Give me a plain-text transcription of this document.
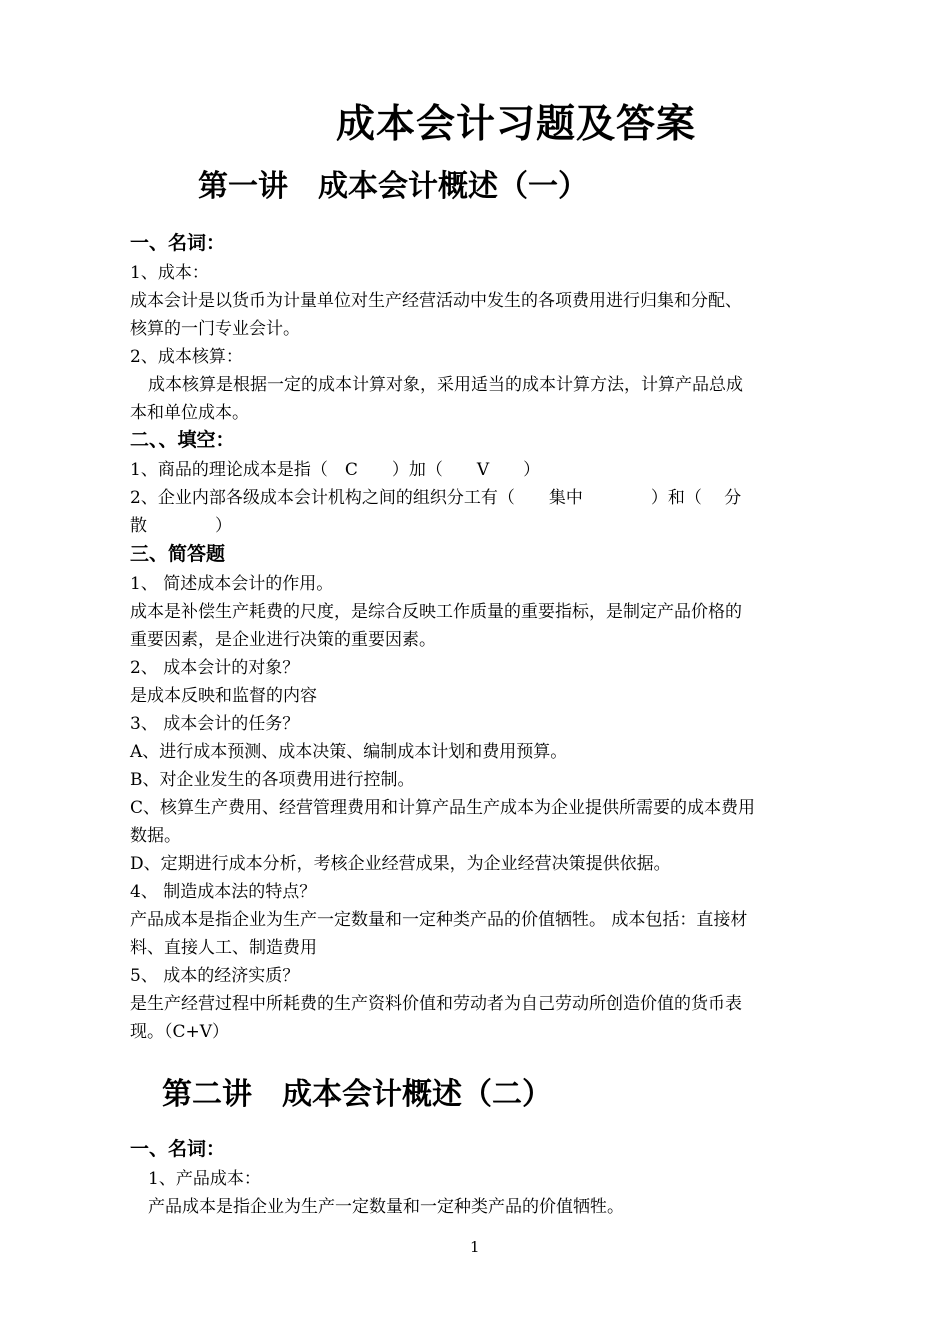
成本会计习题及答案
第一讲　成本会计概述（一）
一、名词：

1、成本：

成本会计是以货币为计量单位对生产经营活动中发生的各项费用进行归集和分配、

核算的一门专业会计。

2、成本核算：

成本核算是根据一定的成本计算对象，采用适当的成本计算方法，计算产品总成

本和单位成本。

二、、填空：

1、商品的理论成本是指（　C　　）加（　　V　　）

2、企业内部各级成本会计机构之间的组织分工有（　　集中　　　　）和（　 分

散　　　　）

三、简答题

1、 简述成本会计的作用。

成本是补偿生产耗费的尺度，是综合反映工作质量的重要指标，是制定产品价格的

重要因素，是企业进行决策的重要因素。

2、 成本会计的对象？

是成本反映和监督的内容

3、 成本会计的任务？

A、进行成本预测、成本决策、编制成本计划和费用预算。

B、对企业发生的各项费用进行控制。

C、核算生产费用、经营管理费用和计算产品生产成本为企业提供所需要的成本费用

数据。

D、定期进行成本分析，考核企业经营成果，为企业经营决策提供依据。

4、 制造成本法的特点？

产品成本是指企业为生产一定数量和一定种类产品的价值牺牲。 成本包括：直接材

料、直接人工、制造费用

5、 成本的经济实质？

是生产经营过程中所耗费的生产资料价值和劳动者为自己劳动所创造价值的货币表

现。（C+V）

第二讲　成本会计概述（二）
一、名词：

1、产品成本：

产品成本是指企业为生产一定数量和一定种类产品的价值牺牲。

1
